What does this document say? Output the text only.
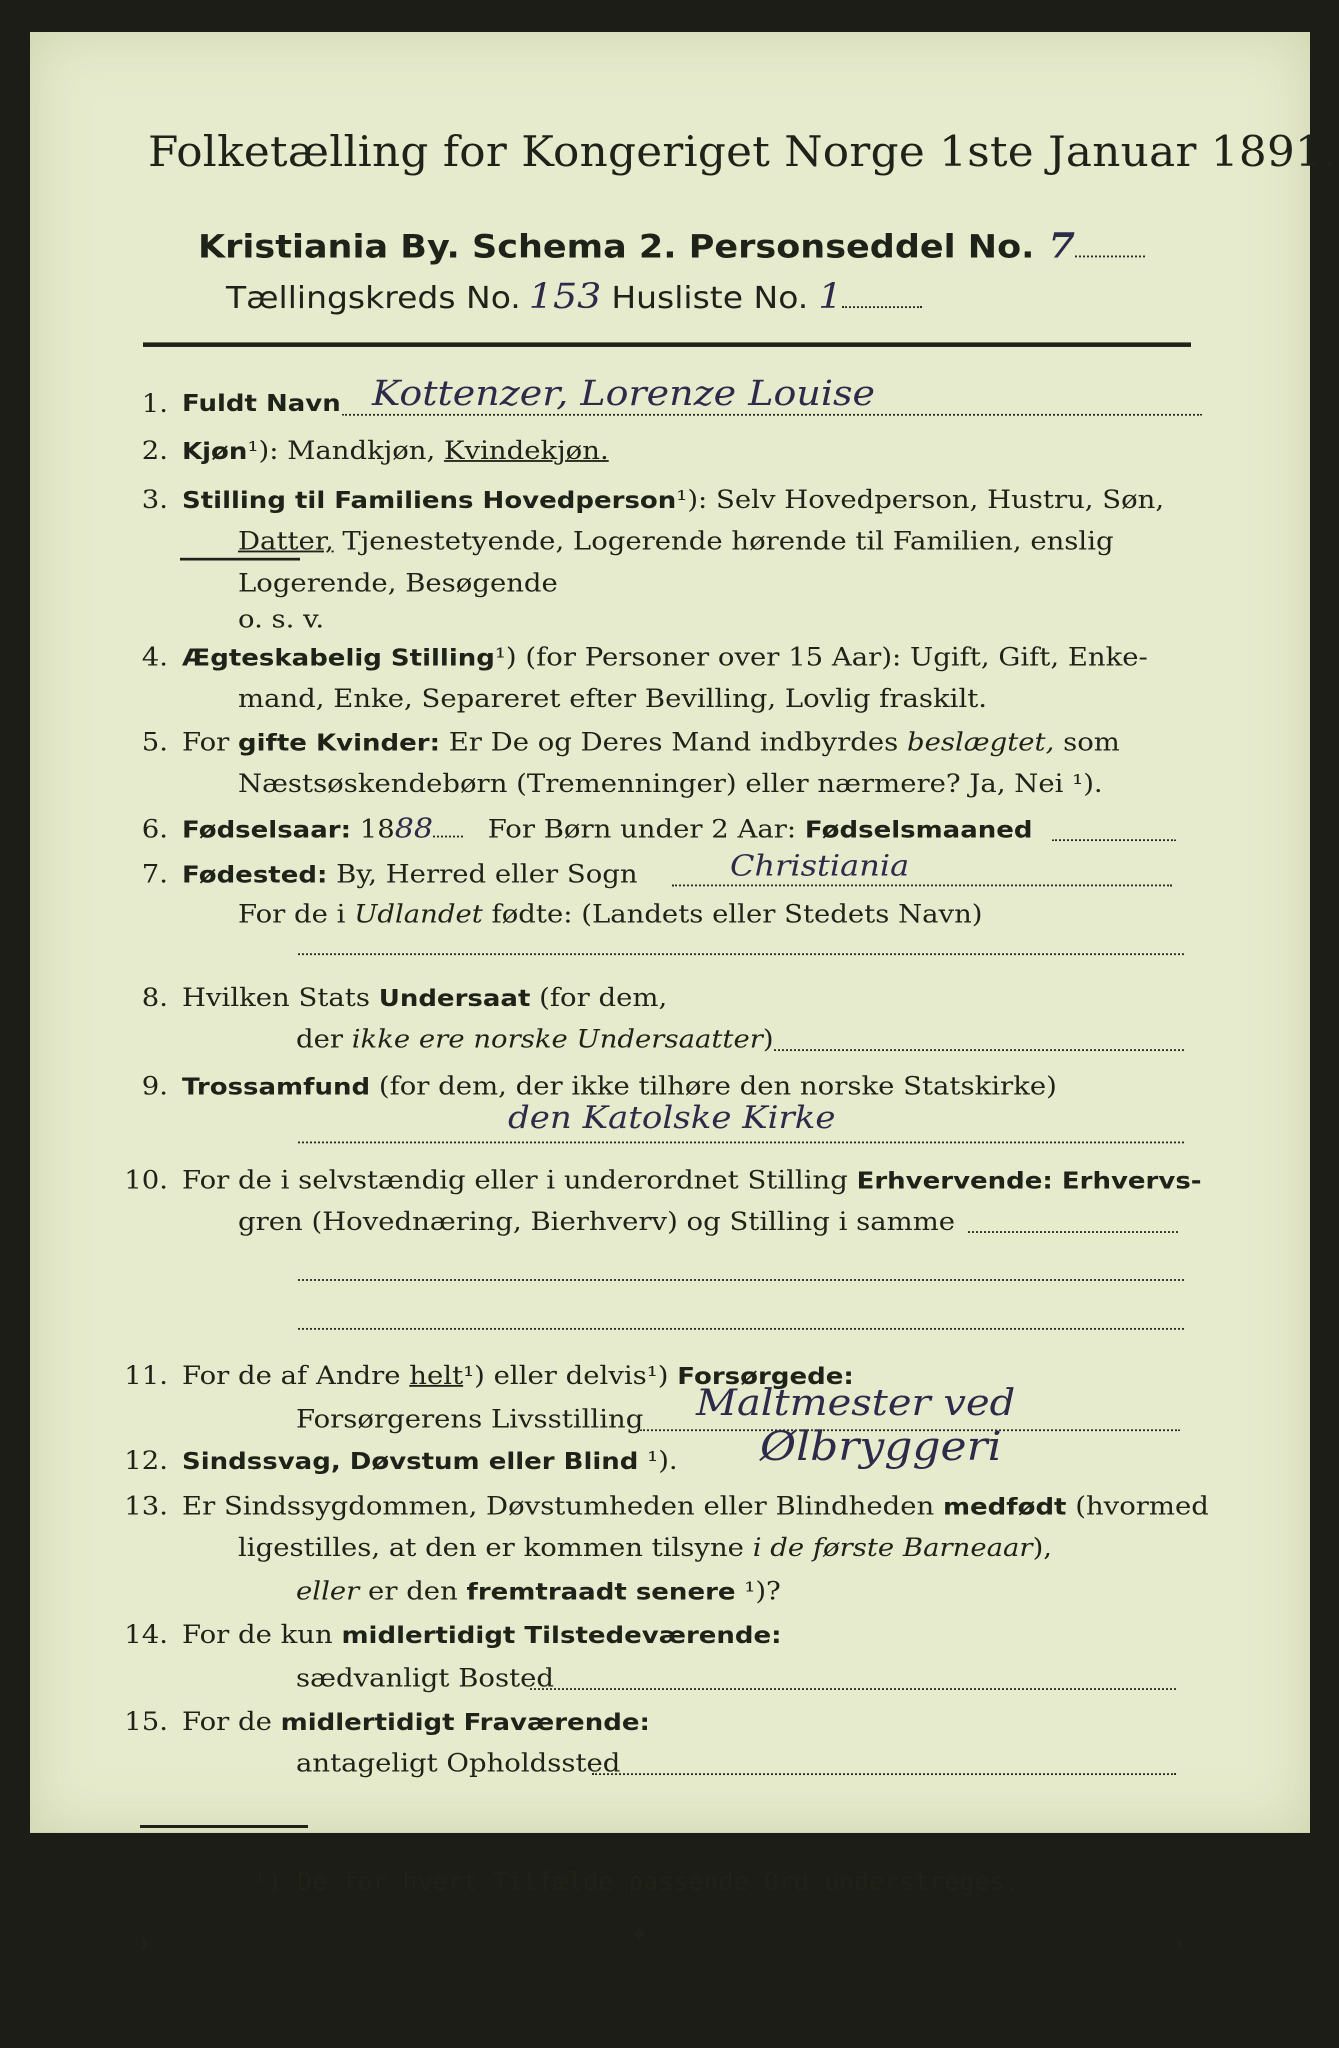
Folketælling for Kongeriget Norge 1ste Januar 1891.
Kristiania By. Schema 2. Personseddel No. 7
Tællingskreds No. 153 Husliste No. 1
1. Fuldt Navn Kottenzer, Lorenze Louise
2. Kjøn¹): Mandkjøn, Kvindekjøn.
3. Stilling til Familiens Hovedperson¹): Selv Hovedperson, Hustru, Søn,
Datter, Tjenestetyende, Logerende hørende til Familien, enslig
Logerende, Besøgende
o. s. v.
4. Ægteskabelig Stilling¹) (for Personer over 15 Aar): Ugift, Gift, Enke-
mand, Enke, Separeret efter Bevilling, Lovlig fraskilt.
5. For gifte Kvinder: Er De og Deres Mand indbyrdes beslægtet, som
Næstsøskendebørn (Tremenninger) eller nærmere? Ja, Nei ¹).
6. Fødselsaar: 1888 For Børn under 2 Aar: Fødselsmaaned
7. Fødested: By, Herred eller Sogn	Christiania
For de i Udlandet fødte: (Landets eller Stedets Navn)
8. Hvilken Stats Undersaat (for dem,
der ikke ere norske Undersaatter)
9. Trossamfund (for dem, der ikke tilhøre den norske Statskirke)
den Katolske Kirke
10. For de i selvstændig eller i underordnet Stilling Erhvervende: Erhvervs-
gren (Hovednæring, Bierhverv) og Stilling i samme
11. For de af Andre helt¹) eller delvis¹) Forsørgede:
Forsørgerens Livsstilling Maltmester ved
12. Sindssvag, Døvstum eller Blind ¹). Ølbryggeri
13. Er Sindssygdommen, Døvstumheden eller Blindheden medfødt (hvormed
ligestilles, at den er kommen tilsyne i de første Barneaar),
eller er den fremtraadt senere ¹)?
14. For de kun midlertidigt Tilstedeværende:
sædvanligt Bosted
15. For de midlertidigt Fraværende:
antageligt Opholdssted
¹) De for hvert Tilfælde passende Ord understreges.
✈	✦	✈
